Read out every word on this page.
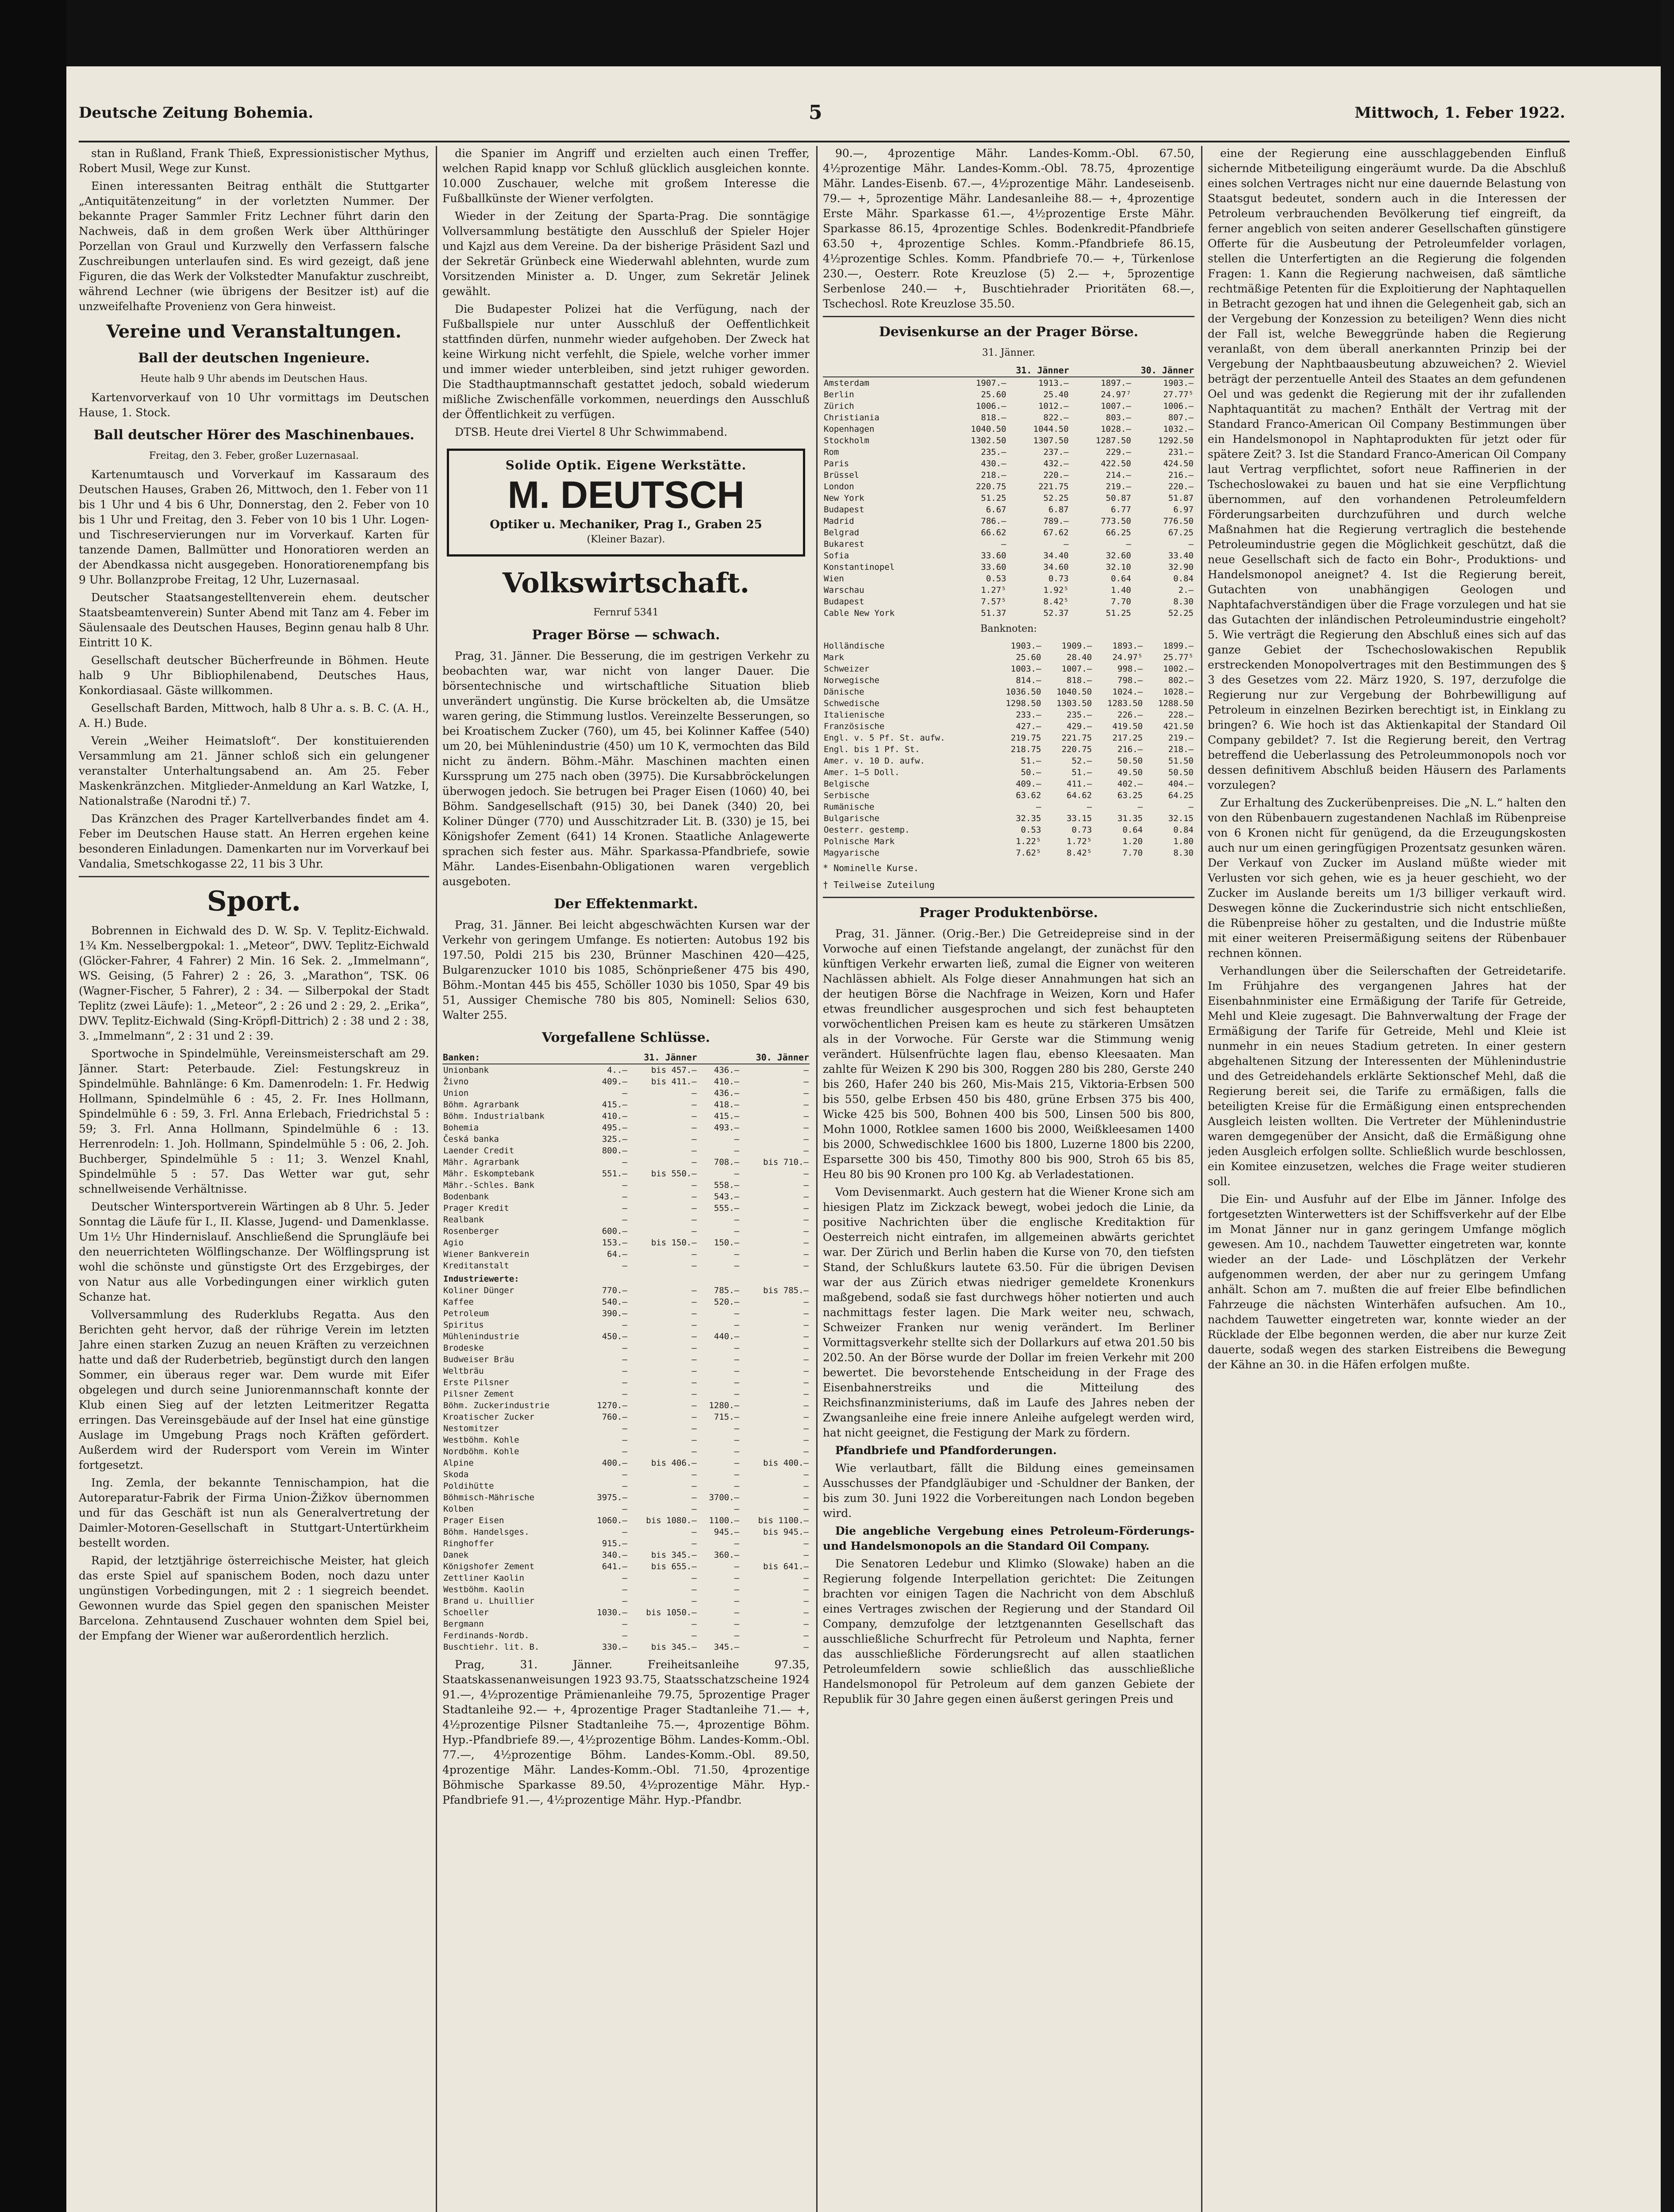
Deutsche Zeitung Bohemia.	5	Mittwoch, 1. Feber 1922.

stan in Rußland, Frank Thieß, Expressionistischer Mythus, Robert Musil, Wege zur Kunst.

Einen interessanten Beitrag enthält die Stuttgarter „Antiquitätenzeitung“ in der vorletzten Nummer. Der bekannte Prager Sammler Fritz Lechner führt darin den Nachweis, daß in dem großen Werk über Altthüringer Porzellan von Graul und Kurzwelly den Verfassern falsche Zuschreibungen unterlaufen sind. Es wird gezeigt, daß jene Figuren, die das Werk der Volkstedter Manufaktur zuschreibt, während Lechner (wie übrigens der Besitzer ist) auf die unzweifelhafte Provenienz von Gera hinweist.

Vereine und Veranstaltungen.
Ball der deutschen Ingenieure.
Heute halb 9 Uhr abends im Deutschen Haus.

Kartenvorverkauf von 10 Uhr vormittags im Deutschen Hause, 1. Stock.

Ball deutscher Hörer des Maschinenbaues.
Freitag, den 3. Feber, großer Luzernasaal.

Kartenumtausch und Vorverkauf im Kassaraum des Deutschen Hauses, Graben 26, Mittwoch, den 1. Feber von 11 bis 1 Uhr und 4 bis 6 Uhr, Donnerstag, den 2. Feber von 10 bis 1 Uhr und Freitag, den 3. Feber von 10 bis 1 Uhr. Logen- und Tischreservierungen nur im Vorverkauf. Karten für tanzende Damen, Ballmütter und Honoratioren werden an der Abendkassa nicht ausgegeben. Honoratiorenempfang bis 9 Uhr. Bollanzprobe Freitag, 12 Uhr, Luzernasaal.

Deutscher Staatsangestelltenverein ehem. deutscher Staatsbeamtenverein) Sunter Abend mit Tanz am 4. Feber im Säulensaale des Deutschen Hauses, Beginn genau halb 8 Uhr. Eintritt 10 K.

Gesellschaft deutscher Bücherfreunde in Böhmen. Heute halb 9 Uhr Bibliophilenabend, Deutsches Haus, Konkordiasaal. Gäste willkommen.

Gesellschaft Barden, Mittwoch, halb 8 Uhr a. s. B. C. (A. H., A. H.) Bude.

Verein „Weiher Heimatsloft“. Der konstituierenden Versammlung am 21. Jänner schloß sich ein gelungener veranstalter Unterhaltungsabend an. Am 25. Feber Maskenkränzchen. Mitglieder-Anmeldung an Karl Watzke, I, Nationalstraße (Narodni tř.) 7.

Das Kränzchen des Prager Kartellverbandes findet am 4. Feber im Deutschen Hause statt. An Herren ergehen keine besonderen Einladungen. Damenkarten nur im Vorverkauf bei Vandalia, Smetschkogasse 22, 11 bis 3 Uhr.

Sport.

Bobrennen in Eichwald des D. W. Sp. V. Teplitz-Eichwald. 1¾ Km. Nesselbergpokal: 1. „Meteor“, DWV. Teplitz-Eichwald (Glöcker-Fahrer, 4 Fahrer) 2 Min. 16 Sek. 2. „Immelmann“, WS. Geising, (5 Fahrer) 2 : 26, 3. „Marathon“, TSK. 06 (Wagner-Fischer, 5 Fahrer), 2 : 34. — Silberpokal der Stadt Teplitz (zwei Läufe): 1. „Meteor“, 2 : 26 und 2 : 29, 2. „Erika“, DWV. Teplitz-Eichwald (Sing-Kröpfl-Dittrich) 2 : 38 und 2 : 38, 3. „Immelmann“, 2 : 31 und 2 : 39.

Sportwoche in Spindelmühle, Vereinsmeisterschaft am 29. Jänner. Start: Peterbaude. Ziel: Festungskreuz in Spindelmühle. Bahnlänge: 6 Km. Damenrodeln: 1. Fr. Hedwig Hollmann, Spindelmühle 6 : 45, 2. Fr. Ines Hollmann, Spindelmühle 6 : 59, 3. Frl. Anna Erlebach, Friedrichstal 5 : 59; 3. Frl. Anna Hollmann, Spindelmühle 6 : 13. Herrenrodeln: 1. Joh. Hollmann, Spindelmühle 5 : 06, 2. Joh. Buchberger, Spindelmühle 5 : 11; 3. Wenzel Knahl, Spindelmühle 5 : 57. Das Wetter war gut, sehr schnellweisende Verhältnisse.

Deutscher Wintersportverein Wärtingen ab 8 Uhr. 5. Jeder Sonntag die Läufe für I., II. Klasse, Jugend- und Damenklasse. Um 1½ Uhr Hindernislauf. Anschließend die Sprungläufe bei den neuerrichteten Wölflingschanze. Der Wölflingsprung ist wohl die schönste und günstigste Ort des Erzgebirges, der von Natur aus alle Vorbedingungen einer wirklich guten Schanze hat.

Vollversammlung des Ruderklubs Regatta. Aus den Berichten geht hervor, daß der rührige Verein im letzten Jahre einen starken Zuzug an neuen Kräften zu verzeichnen hatte und daß der Ruderbetrieb, begünstigt durch den langen Sommer, ein überaus reger war. Dem wurde mit Eifer obgelegen und durch seine Juniorenmannschaft konnte der Klub einen Sieg auf der letzten Leitmeritzer Regatta erringen. Das Vereinsgebäude auf der Insel hat eine günstige Auslage im Umgebung Prags noch Kräften gefördert. Außerdem wird der Rudersport vom Verein im Winter fortgesetzt.

Ing. Zemla, der bekannte Tennischampion, hat die Autoreparatur-Fabrik der Firma Union-Žižkov übernommen und für das Geschäft ist nun als Generalvertretung der Daimler-Motoren-Gesellschaft in Stuttgart-Untertürkheim bestellt worden.

Rapid, der letztjährige österreichische Meister, hat gleich das erste Spiel auf spanischem Boden, noch dazu unter ungünstigen Vorbedingungen, mit 2 : 1 siegreich beendet. Gewonnen wurde das Spiel gegen den spanischen Meister Barcelona. Zehntausend Zuschauer wohnten dem Spiel bei, der Empfang der Wiener war außerordentlich herzlich.

die Spanier im Angriff und erzielten auch einen Treffer, welchen Rapid knapp vor Schluß glücklich ausgleichen konnte. 10.000 Zuschauer, welche mit großem Interesse die Fußballkünste der Wiener verfolgten.

Wieder in der Zeitung der Sparta-Prag. Die sonntägige Vollversammlung bestätigte den Ausschluß der Spieler Hojer und Kajzl aus dem Vereine. Da der bisherige Präsident Sazl und der Sekretär Grünbeck eine Wiederwahl ablehnten, wurde zum Vorsitzenden Minister a. D. Unger, zum Sekretär Jelinek gewählt.

Die Budapester Polizei hat die Verfügung, nach der Fußballspiele nur unter Ausschluß der Oeffentlichkeit stattfinden dürfen, nunmehr wieder aufgehoben. Der Zweck hat keine Wirkung nicht verfehlt, die Spiele, welche vorher immer und immer wieder unterbleiben, sind jetzt ruhiger geworden. Die Stadthauptmannschaft gestattet jedoch, sobald wiederum mißliche Zwischenfälle vorkommen, neuerdings den Ausschluß der Öffentlichkeit zu verfügen.

DTSB. Heute drei Viertel 8 Uhr Schwimmabend.

Solide Optik. Eigene Werkstätte.
M. DEUTSCH
Optiker u. Mechaniker, Prag I., Graben 25
(Kleiner Bazar).
Volkswirtschaft.
Fernruf 5341
Prager Börse — schwach.

Prag, 31. Jänner. Die Besserung, die im gestrigen Verkehr zu beobachten war, war nicht von langer Dauer. Die börsentechnische und wirtschaftliche Situation blieb unverändert ungünstig. Die Kurse bröckelten ab, die Umsätze waren gering, die Stimmung lustlos. Vereinzelte Besserungen, so bei Kroatischem Zucker (760), um 45, bei Kolinner Kaffee (540) um 20, bei Mühlenindustrie (450) um 10 K, vermochten das Bild nicht zu ändern. Böhm.-Mähr. Maschinen machten einen Kurssprung um 275 nach oben (3975). Die Kursabbröckelungen überwogen jedoch. Sie betrugen bei Prager Eisen (1060) 40, bei Böhm. Sandgesellschaft (915) 30, bei Danek (340) 20, bei Koliner Dünger (770) und Ausschitzrader Lit. B. (330) je 15, bei Königshofer Zement (641) 14 Kronen. Staatliche Anlagewerte sprachen sich fester aus. Mähr. Sparkassa-Pfandbriefe, sowie Mähr. Landes-Eisenbahn-Obligationen waren vergeblich ausgeboten.

Der Effektenmarkt.

Prag, 31. Jänner. Bei leicht abgeschwächten Kursen war der Verkehr von geringem Umfange. Es notierten: Autobus 192 bis 197.50, Poldi 215 bis 230, Brünner Maschinen 420—425, Bulgarenzucker 1010 bis 1085, Schönprießener 475 bis 490, Böhm.-Montan 445 bis 455, Schöller 1030 bis 1050, Spar 49 bis 51, Aussiger Chemische 780 bis 805, Nominell: Selios 630, Walter 255.

Vorgefallene Schlüsse.
Banken:	31. Jänner		30. Jänner	
Unionbank	4..—	bis 457.—	436.—	—
Živno	409.—	bis 411.—	410.—	—
Union	—	—	436.—	—
Böhm. Agrarbank	415.—	—	418.—	—
Böhm. Industrialbank	410.—	—	415.—	—
Bohemia	495.—	—	493.—	—
Česká banka	325.—	—	—	—
Laender Credit	800.—	—	—	—
Mähr. Agrarbank	—	—	708.—	bis 710.—
Mähr. Eskomptebank	551.—	bis 550.—	—	—
Mähr.-Schles. Bank	—	—	558.—	—
Bodenbank	—	—	543.—	—
Prager Kredit	—	—	555.—	—
Realbank	—	—	—	—
Rosenberger	600.—	—	—	—
Agio	153.—	bis 150.—	150.—	—
Wiener Bankverein	64.—	—	—	—
Kreditanstalt	—	—	—	—
Industriewerte:				
Koliner Dünger	770.—	—	785.—	bis 785.—
Kaffee	540.—	—	520.—	—
Petroleum	390.—	—	—	—
Spiritus	—	—	—	—
Mühlenindustrie	450.—	—	440.—	—
Brodeske	—	—	—	—
Budweiser Bräu	—	—	—	—
Weltbräu	—	—	—	—
Erste Pilsner	—	—	—	—
Pilsner Zement	—	—	—	—
Böhm. Zuckerindustrie	1270.—	—	1280.—	—
Kroatischer Zucker	760.—	—	715.—	—
Nestomitzer	—	—	—	—
Westböhm. Kohle	—	—	—	—
Nordböhm. Kohle	—	—	—	—
Alpine	400.—	bis 406.—	—	bis 400.—
Skoda	—	—	—	—
Poldihütte	—	—	—	—
Böhmisch-Mährische	3975.—	—	3700.—	—
Kolben	—	—	—	—
Prager Eisen	1060.—	bis 1080.—	1100.—	bis 1100.—
Böhm. Handelsges.	—	—	945.—	bis 945.—
Ringhoffer	915.—	—	—	—
Danek	340.—	bis 345.—	360.—	—
Königshofer Zement	641.—	bis 655.—	—	bis 641.—
Zettliner Kaolin	—	—	—	—
Westböhm. Kaolin	—	—	—	—
Brand u. Lhuillier	—	—	—	—
Schoeller	1030.—	bis 1050.—	—	—
Bergmann	—	—	—	—
Ferdinands-Nordb.	—	—	—	—
Buschtiehr. lit. B.	330.—	bis 345.—	345.—	—

Prag, 31. Jänner. Freiheitsanleihe 97.35, Staatskassenanweisungen 1923 93.75, Staatsschatzscheine 1924 91.—, 4½prozentige Prämienanleihe 79.75, 5prozentige Prager Stadtanleihe 92.— +, 4prozentige Prager Stadtanleihe 71.— +, 4½prozentige Pilsner Stadtanleihe 75.—, 4prozentige Böhm. Hyp.-Pfandbriefe 89.—, 4½prozentige Böhm. Landes-Komm.-Obl. 77.—, 4½prozentige Böhm. Landes-Komm.-Obl. 89.50, 4prozentige Mähr. Landes-Komm.-Obl. 71.50, 4prozentige Böhmische Sparkasse 89.50, 4½prozentige Mähr. Hyp.-Pfandbriefe 91.—, 4½prozentige Mähr. Hyp.-Pfandbr.

90.—, 4prozentige Mähr. Landes-Komm.-Obl. 67.50, 4½prozentige Mähr. Landes-Komm.-Obl. 78.75, 4prozentige Mähr. Landes-Eisenb. 67.—, 4½prozentige Mähr. Landeseisenb. 79.— +, 5prozentige Mähr. Landesanleihe 88.— +, 4prozentige Erste Mähr. Sparkasse 61.—, 4½prozentige Erste Mähr. Sparkasse 86.15, 4prozentige Schles. Bodenkredit-Pfandbriefe 63.50 +, 4prozentige Schles. Komm.-Pfandbriefe 86.15, 4½prozentige Schles. Komm. Pfandbriefe 70.— +, Türkenlose 230.—, Oesterr. Rote Kreuzlose (5) 2.— +, 5prozentige Serbenlose 240.— +, Buschtiehrader Prioritäten 68.—, Tschechosl. Rote Kreuzlose 35.50.

Devisenkurse an der Prager Börse.
31. Jänner.
	31. Jänner		30. Jänner	
Amsterdam	1907.—	1913.—	1897.—	1903.—
Berlin	25.60	25.40	24.97⁷	27.77⁵
Zürich	1006.—	1012.—	1007.—	1006.—
Christiania	818.—	822.—	803.—	807.—
Kopenhagen	1040.50	1044.50	1028.—	1032.—
Stockholm	1302.50	1307.50	1287.50	1292.50
Rom	235.—	237.—	229.—	231.—
Paris	430.—	432.—	422.50	424.50
Brüssel	218.—	220.—	214.—	216.—
London	220.75	221.75	219.—	220.—
New York	51.25	52.25	50.87	51.87
Budapest	6.67	6.87	6.77	6.97
Madrid	786.—	789.—	773.50	776.50
Belgrad	66.62	67.62	66.25	67.25
Bukarest	—	—	—	—
Sofia	33.60	34.40	32.60	33.40
Konstantinopel	33.60	34.60	32.10	32.90
Wien	0.53	0.73	0.64	0.84
Warschau	1.27⁵	1.92⁵	1.40	2.—
Budapest	7.57⁵	8.42⁵	7.70	8.30
Cable New York	51.37	52.37	51.25	52.25
Banknoten:
Holländische	1903.—	1909.—	1893.—	1899.—
Mark	25.60	28.40	24.97⁵	25.77⁵
Schweizer	1003.—	1007.—	998.—	1002.—
Norwegische	814.—	818.—	798.—	802.—
Dänische	1036.50	1040.50	1024.—	1028.—
Schwedische	1298.50	1303.50	1283.50	1288.50
Italienische	233.—	235.—	226.—	228.—
Französische	427.—	429.—	419.50	421.50
Engl. v. 5 Pf. St. aufw.	219.75	221.75	217.25	219.—
Engl. bis 1 Pf. St.	218.75	220.75	216.—	218.—
Amer. v. 10 D. aufw.	51.—	52.—	50.50	51.50
Amer. 1—5 Doll.	50.—	51.—	49.50	50.50
Belgische	409.—	411.—	402.—	404.—
Serbische	63.62	64.62	63.25	64.25
Rumänische	—	—	—	—
Bulgarische	32.35	33.15	31.35	32.15
Oesterr. gestemp.	0.53	0.73	0.64	0.84
Polnische Mark	1.22⁵	1.72⁵	1.20	1.80
Magyarische	7.62⁵	8.42⁵	7.70	8.30
* Nominelle Kurse.
† Teilweise Zuteilung
Prager Produktenbörse.

Prag, 31. Jänner. (Orig.-Ber.) Die Getreidepreise sind in der Vorwoche auf einen Tiefstande angelangt, der zunächst für den künftigen Verkehr erwarten ließ, zumal die Eigner von weiteren Nachlässen abhielt. Als Folge dieser Annahmungen hat sich an der heutigen Börse die Nachfrage in Weizen, Korn und Hafer etwas freundlicher ausgesprochen und sich fest behaupteten vorwöchentlichen Preisen kam es heute zu stärkeren Umsätzen als in der Vorwoche. Für Gerste war die Stimmung wenig verändert. Hülsenfrüchte lagen flau, ebenso Kleesaaten. Man zahlte für Weizen K 290 bis 300, Roggen 280 bis 280, Gerste 240 bis 260, Hafer 240 bis 260, Mis-Mais 215, Viktoria-Erbsen 500 bis 550, gelbe Erbsen 450 bis 480, grüne Erbsen 375 bis 400, Wicke 425 bis 500, Bohnen 400 bis 500, Linsen 500 bis 800, Mohn 1000, Rotklee samen 1600 bis 2000, Weißkleesamen 1400 bis 2000, Schwedischklee 1600 bis 1800, Luzerne 1800 bis 2200, Esparsette 300 bis 450, Timothy 800 bis 900, Stroh 65 bis 85, Heu 80 bis 90 Kronen pro 100 Kg. ab Verladestationen.

Vom Devisenmarkt. Auch gestern hat die Wiener Krone sich am hiesigen Platz im Zickzack bewegt, wobei jedoch die Linie, da positive Nachrichten über die englische Kreditaktion für Oesterreich nicht eintrafen, im allgemeinen abwärts gerichtet war. Der Zürich und Berlin haben die Kurse von 70, den tiefsten Stand, der Schlußkurs lautete 63.50. Für die übrigen Devisen war der aus Zürich etwas niedriger gemeldete Kronenkurs maßgebend, sodaß sie fast durchwegs höher notierten und auch nachmittags fester lagen. Die Mark weiter neu, schwach, Schweizer Franken nur wenig verändert. Im Berliner Vormittagsverkehr stellte sich der Dollarkurs auf etwa 201.50 bis 202.50. An der Börse wurde der Dollar im freien Verkehr mit 200 bewertet. Die bevorstehende Entscheidung in der Frage des Eisenbahnerstreiks und die Mitteilung des Reichsfinanzministeriums, daß im Laufe des Jahres neben der Zwangsanleihe eine freie innere Anleihe aufgelegt werden wird, hat nicht geeignet, die Festigung der Mark zu fördern.

Pfandbriefe und Pfandforderungen.

Wie verlautbart, fällt die Bildung eines gemeinsamen Ausschusses der Pfandgläubiger und -Schuldner der Banken, der bis zum 30. Juni 1922 die Vorbereitungen nach London begeben wird.

Die angebliche Vergebung eines Petroleum-Förderungs- und Handelsmonopols an die Standard Oil Company.

Die Senatoren Ledebur und Klimko (Slowake) haben an die Regierung folgende Interpellation gerichtet: Die Zeitungen brachten vor einigen Tagen die Nachricht von dem Abschluß eines Vertrages zwischen der Regierung und der Standard Oil Company, demzufolge der letztgenannten Gesellschaft das ausschließliche Schurfrecht für Petroleum und Naphta, ferner das ausschließliche Förderungsrecht auf allen staatlichen Petroleumfeldern sowie schließlich das ausschließliche Handelsmonopol für Petroleum auf dem ganzen Gebiete der Republik für 30 Jahre gegen einen äußerst geringen Preis und

eine der Regierung eine ausschlaggebenden Einfluß sichernde Mitbeteiligung eingeräumt wurde. Da die Abschluß eines solchen Vertrages nicht nur eine dauernde Belastung von Staatsgut bedeutet, sondern auch in die Interessen der Petroleum verbrauchenden Bevölkerung tief eingreift, da ferner angeblich von seiten anderer Gesellschaften günstigere Offerte für die Ausbeutung der Petroleumfelder vorlagen, stellen die Unterfertigten an die Regierung die folgenden Fragen: 1. Kann die Regierung nachweisen, daß sämtliche rechtmäßige Petenten für die Exploitierung der Naphtaquellen in Betracht gezogen hat und ihnen die Gelegenheit gab, sich an der Vergebung der Konzession zu beteiligen? Wenn dies nicht der Fall ist, welche Beweggründe haben die Regierung veranlaßt, von dem überall anerkannten Prinzip bei der Vergebung der Naphtbaausbeutung abzuweichen? 2. Wieviel beträgt der perzentuelle Anteil des Staates an dem gefundenen Oel und was gedenkt die Regierung mit der ihr zufallenden Naphtaquantität zu machen? Enthält der Vertrag mit der Standard Franco-American Oil Company Bestimmungen über ein Handelsmonopol in Naphtaprodukten für jetzt oder für spätere Zeit? 3. Ist die Standard Franco-American Oil Company laut Vertrag verpflichtet, sofort neue Raffinerien in der Tschechoslowakei zu bauen und hat sie eine Verpflichtung übernommen, auf den vorhandenen Petroleumfeldern Förderungsarbeiten durchzuführen und durch welche Maßnahmen hat die Regierung vertraglich die bestehende Petroleumindustrie gegen die Möglichkeit geschützt, daß die neue Gesellschaft sich de facto ein Bohr-, Produktions- und Handelsmonopol aneignet? 4. Ist die Regierung bereit, Gutachten von unabhängigen Geologen und Naphtafachverständigen über die Frage vorzulegen und hat sie das Gutachten der inländischen Petroleumindustrie eingeholt? 5. Wie verträgt die Regierung den Abschluß eines sich auf das ganze Gebiet der Tschechoslowakischen Republik erstreckenden Monopolvertrages mit den Bestimmungen des § 3 des Gesetzes vom 22. März 1920, S. 197, derzufolge die Regierung nur zur Vergebung der Bohrbewilligung auf Petroleum in einzelnen Bezirken berechtigt ist, in Einklang zu bringen? 6. Wie hoch ist das Aktienkapital der Standard Oil Company gebildet? 7. Ist die Regierung bereit, den Vertrag betreffend die Ueberlassung des Petroleummonopols noch vor dessen definitivem Abschluß beiden Häusern des Parlaments vorzulegen?

Zur Erhaltung des Zuckerübenpreises. Die „N. L.“ halten den von den Rübenbauern zugestandenen Nachlaß im Rübenpreise von 6 Kronen nicht für genügend, da die Erzeugungskosten auch nur um einen geringfügigen Prozentsatz gesunken wären. Der Verkauf von Zucker im Ausland müßte wieder mit Verlusten vor sich gehen, wie es ja heuer geschieht, wo der Zucker im Auslande bereits um 1/3 billiger verkauft wird. Deswegen könne die Zuckerindustrie sich nicht entschließen, die Rübenpreise höher zu gestalten, und die Industrie müßte mit einer weiteren Preisermäßigung seitens der Rübenbauer rechnen können.

Verhandlungen über die Seilerschaften der Getreidetarife. Im Frühjahre des vergangenen Jahres hat der Eisenbahnminister eine Ermäßigung der Tarife für Getreide, Mehl und Kleie zugesagt. Die Bahnverwaltung der Frage der Ermäßigung der Tarife für Getreide, Mehl und Kleie ist nunmehr in ein neues Stadium getreten. In einer gestern abgehaltenen Sitzung der Interessenten der Mühlenindustrie und des Getreidehandels erklärte Sektionschef Mehl, daß die Regierung bereit sei, die Tarife zu ermäßigen, falls die beteiligten Kreise für die Ermäßigung einen entsprechenden Ausgleich leisten wollten. Die Vertreter der Mühlenindustrie waren demgegenüber der Ansicht, daß die Ermäßigung ohne jeden Ausgleich erfolgen sollte. Schließlich wurde beschlossen, ein Komitee einzusetzen, welches die Frage weiter studieren soll.

Die Ein- und Ausfuhr auf der Elbe im Jänner. Infolge des fortgesetzten Winterwetters ist der Schiffsverkehr auf der Elbe im Monat Jänner nur in ganz geringem Umfange möglich gewesen. Am 10., nachdem Tauwetter eingetreten war, konnte wieder an der Lade- und Löschplätzen der Verkehr aufgenommen werden, der aber nur zu geringem Umfang anhält. Schon am 7. mußten die auf freier Elbe befindlichen Fahrzeuge die nächsten Winterhäfen aufsuchen. Am 10., nachdem Tauwetter eingetreten war, konnte wieder an der Rücklade der Elbe begonnen werden, die aber nur kurze Zeit dauerte, sodaß wegen des starken Eistreibens die Bewegung der Kähne an 30. in die Häfen erfolgen mußte.
